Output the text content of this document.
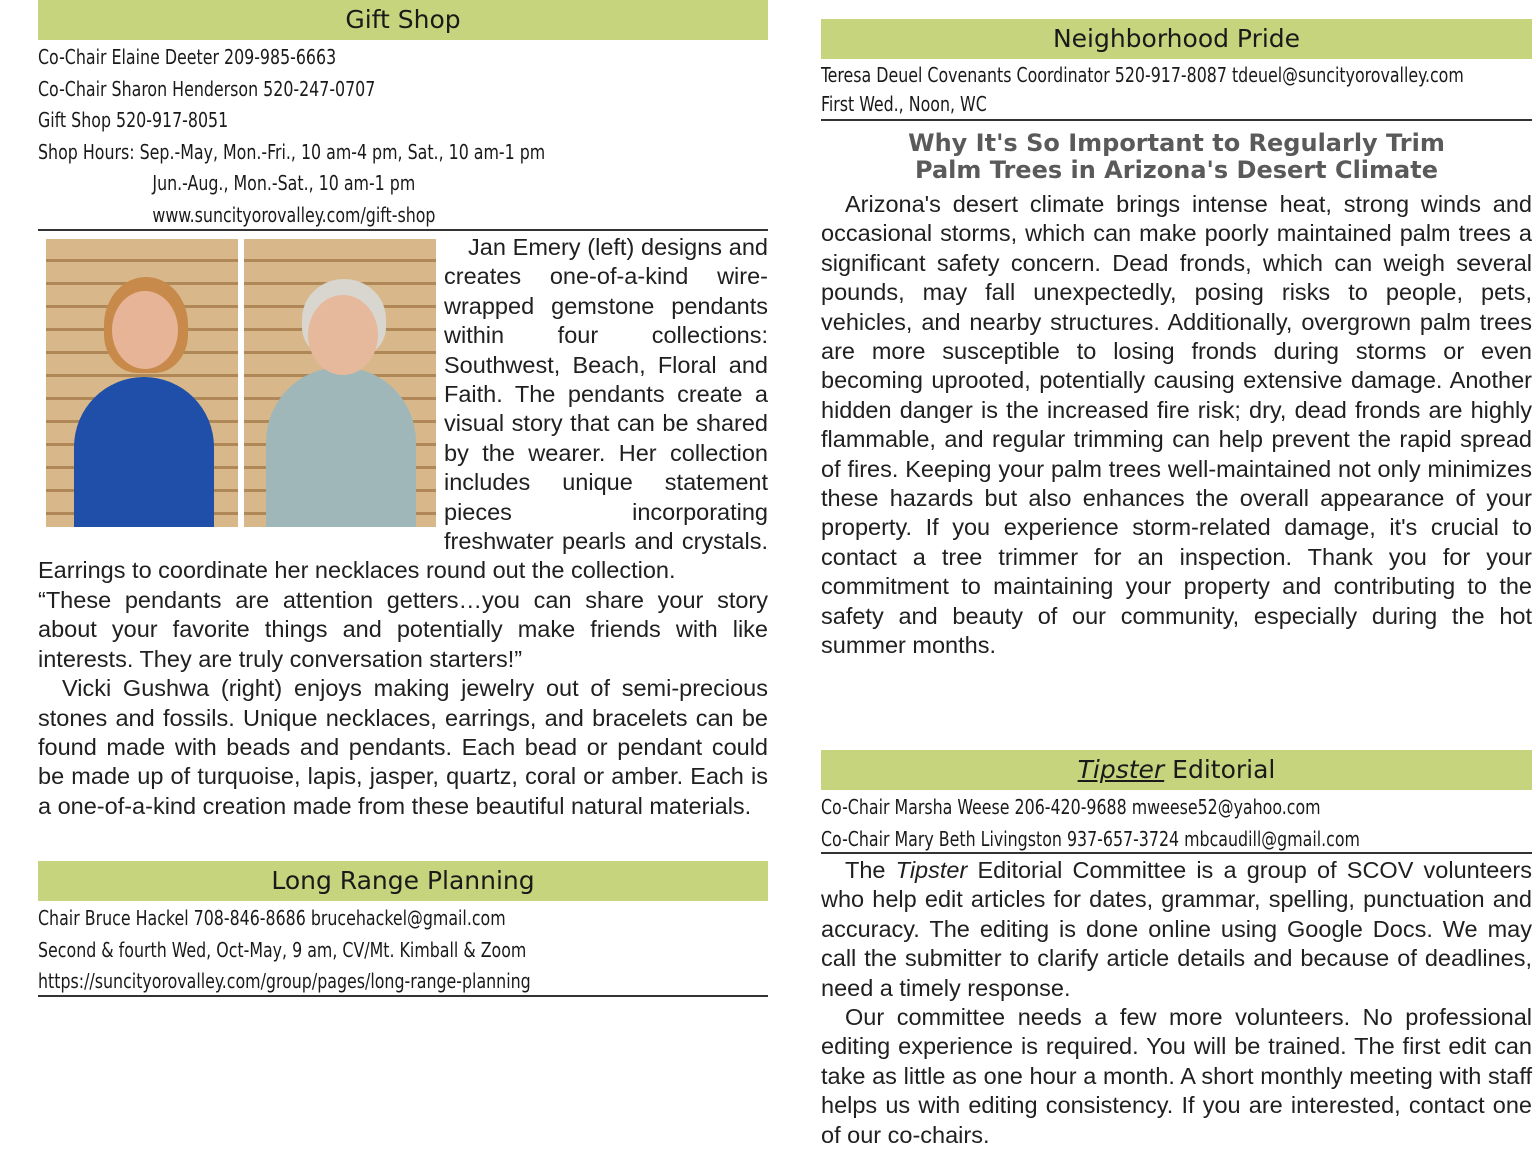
Gift Shop
Co-Chair Elaine Deeter 209-985-6663
Co-Chair Sharon Henderson 520-247-0707
Gift Shop 520-917-8051
Shop Hours: Sep.-May, Mon.-Fri., 10 am-4 pm, Sat., 10 am-1 pm
Jun.-Aug., Mon.-Sat., 10 am-1 pm
www.suncityorovalley.com/gift-shop

Jan Emery (left) designs and creates one-of-a-kind wire-wrapped gemstone pendants within four collections: Southwest, Beach, Floral and Faith. The pendants create a visual story that can be shared by the wearer. Her collection includes unique statement pieces incorporating freshwater pearls and crystals. Earrings to coordinate her necklaces round out the collection.

“These pendants are attention getters…you can share your story about your favorite things and potentially make friends with like interests. They are truly conversation starters!”

Vicki Gushwa (right) enjoys making jewelry out of semi-precious stones and fossils. Unique necklaces, earrings, and bracelets can be found made with beads and pendants. Each bead or pendant could be made up of turquoise, lapis, jasper, quartz, coral or amber. Each is a one-of-a-kind creation made from these beautiful natural materials.

Long Range Planning
Chair Bruce Hackel 708-846-8686 brucehackel@gmail.com
Second & fourth Wed, Oct-May, 9 am, CV/Mt. Kimball & Zoom
https://suncityorovalley.com/group/pages/long-range-planning
Neighborhood Pride
Teresa Deuel Covenants Coordinator 520-917-8087 tdeuel@suncityorovalley.com
First Wed., Noon, WC
Why It's So Important to Regularly Trim
Palm Trees in Arizona's Desert Climate

Arizona's desert climate brings intense heat, strong winds and occasional storms, which can make poorly maintained palm trees a significant safety concern. Dead fronds, which can weigh several pounds, may fall unexpectedly, posing risks to people, pets, vehicles, and nearby structures. Additionally, overgrown palm trees are more susceptible to losing fronds during storms or even becoming uprooted, potentially causing extensive damage. Another hidden danger is the increased fire risk; dry, dead fronds are highly flammable, and regular trimming can help prevent the rapid spread of fires. Keeping your palm trees well-maintained not only minimizes these hazards but also enhances the overall appearance of your property. If you experience storm-related damage, it's crucial to contact a tree trimmer for an inspection. Thank you for your commitment to maintaining your property and contributing to the safety and beauty of our community, especially during the hot summer months.

Tipster Editorial
Co-Chair Marsha Weese 206-420-9688 mweese52@yahoo.com
Co-Chair Mary Beth Livingston 937-657-3724 mbcaudill@gmail.com

The Tipster Editorial Committee is a group of SCOV volunteers who help edit articles for dates, grammar, spelling, punctuation and accuracy. The editing is done online using Google Docs. We may call the submitter to clarify article details and because of deadlines, need a timely response.

Our committee needs a few more volunteers. No professional editing experience is required. You will be trained. The first edit can take as little as one hour a month. A short monthly meeting with staff helps us with editing consistency. If you are interested, contact one of our co-chairs.
